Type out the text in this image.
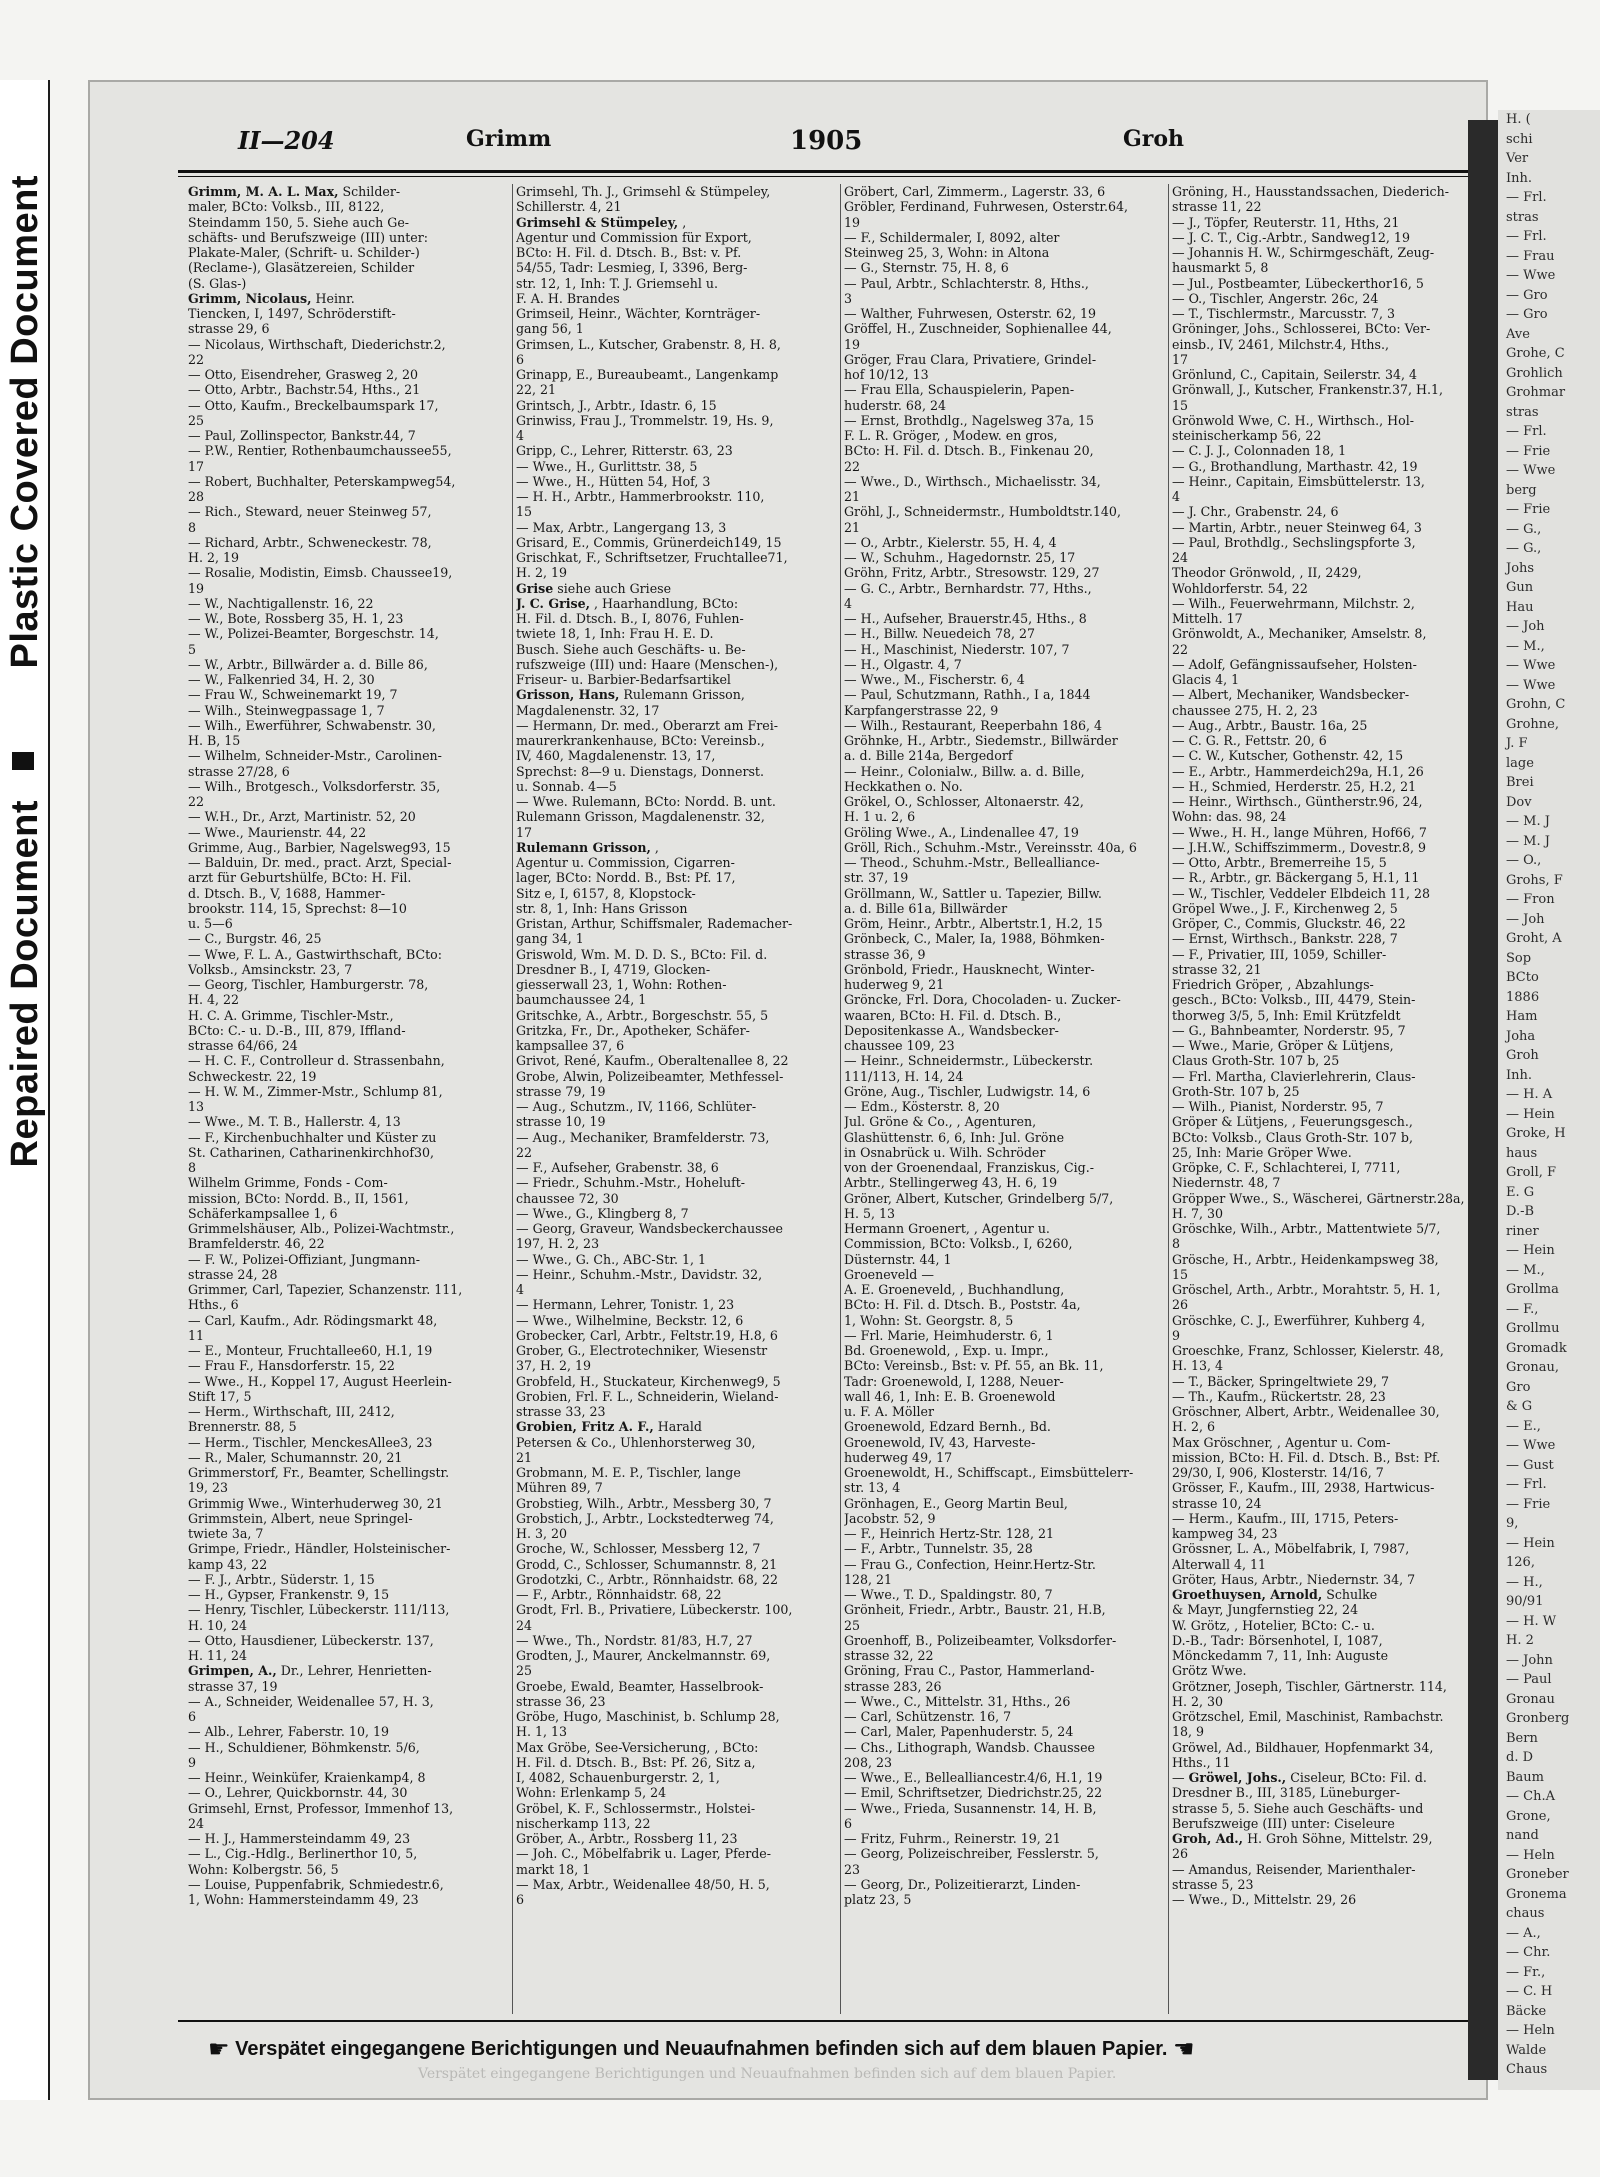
Plastic Covered Document
Repaired Document
II—204	Grimm	1905	Groh
Grimm, M. A. L. Max, Schilder-
maler, BCto: Volksb., III, 8122,
Steindamm 150, 5. Siehe auch Ge-
schäfts- und Berufszweige (III) unter:
Plakate-Maler, (Schrift- u. Schilder-)
(Reclame-), Glasätzereien, Schilder
(S. Glas-)
Grimm, Nicolaus, Heinr.
Tiencken, I, 1497, Schröderstift-
strasse 29, 6
— Nicolaus, Wirthschaft, Diederichstr.2,
22
— Otto, Eisendreher, Grasweg 2, 20
— Otto, Arbtr., Bachstr.54, Hths., 21
— Otto, Kaufm., Breckelbaumspark 17,
25
— Paul, Zollinspector, Bankstr.44, 7
— P.W., Rentier, Rothenbaumchaussee55,
17
— Robert, Buchhalter, Peterskampweg54,
28
— Rich., Steward, neuer Steinweg 57,
8
— Richard, Arbtr., Schweneckestr. 78,
H. 2, 19
— Rosalie, Modistin, Eimsb. Chaussee19,
19
— W., Nachtigallenstr. 16, 22
— W., Bote, Rossberg 35, H. 1, 23
— W., Polizei-Beamter, Borgeschstr. 14,
5
— W., Arbtr., Billwärder a. d. Bille 86,
— W., Falkenried 34, H. 2, 30
— Frau W., Schweinemarkt 19, 7
— Wilh., Steinwegpassage 1, 7
— Wilh., Ewerführer, Schwabenstr. 30,
H. B, 15
— Wilhelm, Schneider-Mstr., Carolinen-
strasse 27/28, 6
— Wilh., Brotgesch., Volksdorferstr. 35,
22
— W.H., Dr., Arzt, Martinistr. 52, 20
— Wwe., Maurienstr. 44, 22
Grimme, Aug., Barbier, Nagelsweg93, 15
— Balduin, Dr. med., pract. Arzt, Special-
arzt für Geburtshülfe, BCto: H. Fil.
d. Dtsch. B., V, 1688, Hammer-
brookstr. 114, 15, Sprechst: 8—10
u. 5—6
— C., Burgstr. 46, 25
— Wwe, F. L. A., Gastwirthschaft, BCto:
Volksb., Amsinckstr. 23, 7
— Georg, Tischler, Hamburgerstr. 78,
H. 4, 22
H. C. A. Grimme, Tischler-Mstr.,
BCto: C.- u. D.-B., III, 879, Iffland-
strasse 64/66, 24
— H. C. F., Controlleur d. Strassenbahn,
Schweckestr. 22, 19
— H. W. M., Zimmer-Mstr., Schlump 81,
13
— Wwe., M. T. B., Hallerstr. 4, 13
— F., Kirchenbuchhalter und Küster zu
St. Catharinen, Catharinenkirchhof30,
8
Wilhelm Grimme, Fonds - Com-
mission, BCto: Nordd. B., II, 1561,
Schäferkampsallee 1, 6
Grimmelshäuser, Alb., Polizei-Wachtmstr.,
Bramfelderstr. 46, 22
— F. W., Polizei-Offiziant, Jungmann-
strasse 24, 28
Grimmer, Carl, Tapezier, Schanzenstr. 111,
Hths., 6
— Carl, Kaufm., Adr. Rödingsmarkt 48,
11
— E., Monteur, Fruchtallee60, H.1, 19
— Frau F., Hansdorferstr. 15, 22
— Wwe., H., Koppel 17, August Heerlein-
Stift 17, 5
— Herm., Wirthschaft, III, 2412,
Brennerstr. 88, 5
— Herm., Tischler, MenckesAllee3, 23
— R., Maler, Schumannstr. 20, 21
Grimmerstorf, Fr., Beamter, Schellingstr.
19, 23
Grimmig Wwe., Winterhuderweg 30, 21
Grimmstein, Albert, neue Springel-
twiete 3a, 7
Grimpe, Friedr., Händler, Holsteinischer-
kamp 43, 22
— F. J., Arbtr., Süderstr. 1, 15
— H., Gypser, Frankenstr. 9, 15
— Henry, Tischler, Lübeckerstr. 111/113,
H. 10, 24
— Otto, Hausdiener, Lübeckerstr. 137,
H. 11, 24
Grimpen, A., Dr., Lehrer, Henrietten-
strasse 37, 19
— A., Schneider, Weidenallee 57, H. 3,
6
— Alb., Lehrer, Faberstr. 10, 19
— H., Schuldiener, Böhmkenstr. 5/6,
9
— Heinr., Weinküfer, Kraienkamp4, 8
— O., Lehrer, Quickbornstr. 44, 30
Grimsehl, Ernst, Professor, Immenhof 13,
24
— H. J., Hammersteindamm 49, 23
— L., Cig.-Hdlg., Berlinerthor 10, 5,
Wohn: Kolbergstr. 56, 5
— Louise, Puppenfabrik, Schmiedestr.6,
1, Wohn: Hammersteindamm 49, 23
Grimsehl, Th. J., Grimsehl & Stümpeley,
Schillerstr. 4, 21
Grimsehl & Stümpeley, ,
Agentur und Commission für Export,
BCto: H. Fil. d. Dtsch. B., Bst: v. Pf.
54/55, Tadr: Lesmieg, I, 3396, Berg-
str. 12, 1, Inh: T. J. Griemsehl u.
F. A. H. Brandes
Grimseil, Heinr., Wächter, Kornträger-
gang 56, 1
Grimsen, L., Kutscher, Grabenstr. 8, H. 8,
6
Grinapp, E., Bureaubeamt., Langenkamp
22, 21
Grintsch, J., Arbtr., Idastr. 6, 15
Grinwiss, Frau J., Trommelstr. 19, Hs. 9,
4
Gripp, C., Lehrer, Ritterstr. 63, 23
— Wwe., H., Gurlittstr. 38, 5
— Wwe., H., Hütten 54, Hof, 3
— H. H., Arbtr., Hammerbrookstr. 110,
15
— Max, Arbtr., Langergang 13, 3
Grisard, E., Commis, Grünerdeich149, 15
Grischkat, F., Schriftsetzer, Fruchtallee71,
H. 2, 19
Grise siehe auch Griese
J. C. Grise, , Haarhandlung, BCto:
H. Fil. d. Dtsch. B., I, 8076, Fuhlen-
twiete 18, 1, Inh: Frau H. E. D.
Busch. Siehe auch Geschäfts- u. Be-
rufszweige (III) und: Haare (Menschen-),
Friseur- u. Barbier-Bedarfsartikel
Grisson, Hans, Rulemann Grisson,
Magdalenenstr. 32, 17
— Hermann, Dr. med., Oberarzt am Frei-
maurerkrankenhause, BCto: Vereinsb.,
IV, 460, Magdalenenstr. 13, 17,
Sprechst: 8—9 u. Dienstags, Donnerst.
u. Sonnab. 4—5
— Wwe. Rulemann, BCto: Nordd. B. unt.
Rulemann Grisson, Magdalenenstr. 32,
17
Rulemann Grisson, ,
Agentur u. Commission, Cigarren-
lager, BCto: Nordd. B., Bst: Pf. 17,
Sitz e, I, 6157, 8, Klopstock-
str. 8, 1, Inh: Hans Grisson
Gristan, Arthur, Schiffsmaler, Rademacher-
gang 34, 1
Griswold, Wm. M. D. D. S., BCto: Fil. d.
Dresdner B., I, 4719, Glocken-
giesserwall 23, 1, Wohn: Rothen-
baumchaussee 24, 1
Gritschke, A., Arbtr., Borgeschstr. 55, 5
Gritzka, Fr., Dr., Apotheker, Schäfer-
kampsallee 37, 6
Grivot, René, Kaufm., Oberaltenallee 8, 22
Grobe, Alwin, Polizeibeamter, Methfessel-
strasse 79, 19
— Aug., Schutzm., IV, 1166, Schlüter-
strasse 10, 19
— Aug., Mechaniker, Bramfelderstr. 73,
22
— F., Aufseher, Grabenstr. 38, 6
— Friedr., Schuhm.-Mstr., Hoheluft-
chaussee 72, 30
— Wwe., G., Klingberg 8, 7
— Georg, Graveur, Wandsbeckerchaussee
197, H. 2, 23
— Wwe., G. Ch., ABC-Str. 1, 1
— Heinr., Schuhm.-Mstr., Davidstr. 32,
4
— Hermann, Lehrer, Tonistr. 1, 23
— Wwe., Wilhelmine, Beckstr. 12, 6
Grobecker, Carl, Arbtr., Feltstr.19, H.8, 6
Grober, G., Electrotechniker, Wiesenstr
37, H. 2, 19
Grobfeld, H., Stuckateur, Kirchenweg9, 5
Grobien, Frl. F. L., Schneiderin, Wieland-
strasse 33, 23
Grobien, Fritz A. F., Harald
Petersen & Co., Uhlenhorsterweg 30,
21
Grobmann, M. E. P., Tischler, lange
Mühren 89, 7
Grobstieg, Wilh., Arbtr., Messberg 30, 7
Grobstich, J., Arbtr., Lockstedterweg 74,
H. 3, 20
Groche, W., Schlosser, Messberg 12, 7
Grodd, C., Schlosser, Schumannstr. 8, 21
Grodotzki, C., Arbtr., Rönnhaidstr. 68, 22
— F., Arbtr., Rönnhaidstr. 68, 22
Grodt, Frl. B., Privatiere, Lübeckerstr. 100,
24
— Wwe., Th., Nordstr. 81/83, H.7, 27
Grodten, J., Maurer, Anckelmannstr. 69,
25
Groebe, Ewald, Beamter, Hasselbrook-
strasse 36, 23
Gröbe, Hugo, Maschinist, b. Schlump 28,
H. 1, 13
Max Gröbe, See-Versicherung, , BCto:
H. Fil. d. Dtsch. B., Bst: Pf. 26, Sitz a,
I, 4082, Schauenburgerstr. 2, 1,
Wohn: Erlenkamp 5, 24
Gröbel, K. F., Schlossermstr., Holstei-
nischerkamp 113, 22
Gröber, A., Arbtr., Rossberg 11, 23
— Joh. C., Möbelfabrik u. Lager, Pferde-
markt 18, 1
— Max, Arbtr., Weidenallee 48/50, H. 5,
6
Gröbert, Carl, Zimmerm., Lagerstr. 33, 6
Gröbler, Ferdinand, Fuhrwesen, Osterstr.64,
19
— F., Schildermaler, I, 8092, alter
Steinweg 25, 3, Wohn: in Altona
— G., Sternstr. 75, H. 8, 6
— Paul, Arbtr., Schlachterstr. 8, Hths.,
3
— Walther, Fuhrwesen, Osterstr. 62, 19
Gröffel, H., Zuschneider, Sophienallee 44,
19
Gröger, Frau Clara, Privatiere, Grindel-
hof 10/12, 13
— Frau Ella, Schauspielerin, Papen-
huderstr. 68, 24
— Ernst, Brothdlg., Nagelsweg 37a, 15
F. L. R. Gröger, , Modew. en gros,
BCto: H. Fil. d. Dtsch. B., Finkenau 20,
22
— Wwe., D., Wirthsch., Michaelisstr. 34,
21
Gröhl, J., Schneidermstr., Humboldtstr.140,
21
— O., Arbtr., Kielerstr. 55, H. 4, 4
— W., Schuhm., Hagedornstr. 25, 17
Gröhn, Fritz, Arbtr., Stresowstr. 129, 27
— G. C., Arbtr., Bernhardstr. 77, Hths.,
4
— H., Aufseher, Brauerstr.45, Hths., 8
— H., Billw. Neuedeich 78, 27
— H., Maschinist, Niederstr. 107, 7
— H., Olgastr. 4, 7
— Wwe., M., Fischerstr. 6, 4
— Paul, Schutzmann, Rathh., I a, 1844
Karpfangerstrasse 22, 9
— Wilh., Restaurant, Reeperbahn 186, 4
Gröhnke, H., Arbtr., Siedemstr., Billwärder
a. d. Bille 214a, Bergedorf
— Heinr., Colonialw., Billw. a. d. Bille,
Heckkathen o. No.
Grökel, O., Schlosser, Altonaerstr. 42,
H. 1 u. 2, 6
Gröling Wwe., A., Lindenallee 47, 19
Gröll, Rich., Schuhm.-Mstr., Vereinsstr. 40a, 6
— Theod., Schuhm.-Mstr., Bellealliance-
str. 37, 19
Gröllmann, W., Sattler u. Tapezier, Billw.
a. d. Bille 61a, Billwärder
Gröm, Heinr., Arbtr., Albertstr.1, H.2, 15
Grönbeck, C., Maler, Ia, 1988, Böhmken-
strasse 36, 9
Grönbold, Friedr., Hausknecht, Winter-
huderweg 9, 21
Grönckе, Frl. Dora, Chocoladen- u. Zucker-
waaren, BCto: H. Fil. d. Dtsch. B.,
Depositenkasse A., Wandsbecker-
chaussee 109, 23
— Heinr., Schneidermstr., Lübeckerstr.
111/113, H. 14, 24
Gröne, Aug., Tischler, Ludwigstr. 14, 6
— Edm., Kösterstr. 8, 20
Jul. Gröne & Co., , Agenturen,
Glashüttenstr. 6, 6, Inh: Jul. Gröne
in Osnabrück u. Wilh. Schröder
von der Groenendaal, Franziskus, Cig.-
Arbtr., Stellingerweg 43, H. 6, 19
Gröner, Albert, Kutscher, Grindelberg 5/7,
H. 5, 13
Hermann Groenert, , Agentur u.
Commission, BCto: Volksb., I, 6260,
Düsternstr. 44, 1
Groeneveld —
A. E. Groeneveld, , Buchhandlung,
BCto: H. Fil. d. Dtsch. B., Poststr. 4a,
1, Wohn: St. Georgstr. 8, 5
— Frl. Marie, Heimhuderstr. 6, 1
Bd. Groenewold, , Exp. u. Impr.,
BCto: Vereinsb., Bst: v. Pf. 55, an Bk. 11,
Tadr: Groenewold, I, 1288, Neuer-
wall 46, 1, Inh: E. B. Groenewold
u. F. A. Möller
Groenewold, Edzard Bernh., Bd.
Groenewold, IV, 43, Harveste-
huderweg 49, 17
Groenewoldt, H., Schiffscapt., Eimsbüttelerr-
str. 13, 4
Grönhagen, E., Georg Martin Beul,
Jacobstr. 52, 9
— F., Heinrich Hertz-Str. 128, 21
— F., Arbtr., Tunnelstr. 35, 28
— Frau G., Confection, Heinr.Hertz-Str.
128, 21
— Wwe., T. D., Spaldingstr. 80, 7
Grönheit, Friedr., Arbtr., Baustr. 21, H.B,
25
Groenhoff, B., Polizeibeamter, Volksdorfer-
strasse 32, 22
Gröning, Frau C., Pastor, Hammerland-
strasse 283, 26
— Wwe., C., Mittelstr. 31, Hths., 26
— Carl, Schützenstr. 16, 7
— Carl, Maler, Papenhuderstr. 5, 24
— Chs., Lithograph, Wandsb. Chaussee
208, 23
— Wwe., E., Bellealliancestr.4/6, H.1, 19
— Emil, Schriftsetzer, Diedrichstr.25, 22
— Wwe., Frieda, Susannenstr. 14, H. B,
6
— Fritz, Fuhrm., Reinerstr. 19, 21
— Georg, Polizeischreiber, Fesslerstr. 5,
23
— Georg, Dr., Polizeitierarzt, Linden-
platz 23, 5
Gröning, H., Hausstandssachen, Diederich-
strasse 11, 22
— J., Töpfer, Reuterstr. 11, Hths, 21
— J. C. T., Cig.-Arbtr., Sandweg12, 19
— Johannis H. W., Schirmgeschäft, Zeug-
hausmarkt 5, 8
— Jul., Postbeamter, Lübeckerthor16, 5
— O., Tischler, Angerstr. 26c, 24
— T., Tischlermstr., Marcusstr. 7, 3
Gröninger, Johs., Schlosserei, BCto: Ver-
einsb., IV, 2461, Milchstr.4, Hths.,
17
Grönlund, C., Capitain, Seilerstr. 34, 4
Grönwall, J., Kutscher, Frankenstr.37, H.1,
15
Grönwold Wwe, C. H., Wirthsch., Hol-
steinischerkamp 56, 22
— C. J. J., Colonnaden 18, 1
— G., Brothandlung, Marthastr. 42, 19
— Heinr., Capitain, Eimsbüttelerstr. 13,
4
— J. Chr., Grabenstr. 24, 6
— Martin, Arbtr., neuer Steinweg 64, 3
— Paul, Brothdlg., Sechslingspforte 3,
24
Theodor Grönwold, , II, 2429,
Wohldorferstr. 54, 22
— Wilh., Feuerwehrmann, Milchstr. 2,
Mittelh. 17
Grönwoldt, A., Mechaniker, Amselstr. 8,
22
— Adolf, Gefängnissaufseher, Holsten-
Glacis 4, 1
— Albert, Mechaniker, Wandsbecker-
chaussee 275, H. 2, 23
— Aug., Arbtr., Baustr. 16a, 25
— C. G. R., Fettstr. 20, 6
— C. W., Kutscher, Gothenstr. 42, 15
— E., Arbtr., Hammerdeich29a, H.1, 26
— H., Schmied, Herderstr. 25, H.2, 21
— Heinr., Wirthsch., Güntherstr.96, 24,
Wohn: das. 98, 24
— Wwe., H. H., lange Mühren, Hof66, 7
— J.H.W., Schiffszimmerm., Dovestr.8, 9
— Otto, Arbtr., Bremerreihe 15, 5
— R., Arbtr., gr. Bäckergang 5, H.1, 11
— W., Tischler, Veddeler Elbdeich 11, 28
Gröpel Wwe., J. F., Kirchenweg 2, 5
Gröper, C., Commis, Gluckstr. 46, 22
— Ernst, Wirthsch., Bankstr. 228, 7
— F., Privatier, III, 1059, Schiller-
strasse 32, 21
Friedrich Gröper, , Abzahlungs-
gesch., BCto: Volksb., III, 4479, Stein-
thorweg 3/5, 5, Inh: Emil Krützfeldt
— G., Bahnbeamter, Norderstr. 95, 7
— Wwe., Marie, Gröper & Lütjens,
Claus Groth-Str. 107 b, 25
— Frl. Martha, Clavierlehrerin, Claus-
Groth-Str. 107 b, 25
— Wilh., Pianist, Norderstr. 95, 7
Gröper & Lütjens, , Feuerungsgesch.,
BCto: Volksb., Claus Groth-Str. 107 b,
25, Inh: Marie Gröper Wwe.
Gröpke, C. F., Schlachterei, I, 7711,
Niedernstr. 48, 7
Gröpper Wwe., S., Wäscherei, Gärtnerstr.28a,
H. 7, 30
Gröschke, Wilh., Arbtr., Mattentwiete 5/7,
8
Grösche, H., Arbtr., Heidenkampsweg 38,
15
Gröschel, Arth., Arbtr., Morahtstr. 5, H. 1,
26
Gröschke, C. J., Ewerführer, Kuhberg 4,
9
Groeschke, Franz, Schlosser, Kielerstr. 48,
H. 13, 4
— T., Bäcker, Springeltwiete 29, 7
— Th., Kaufm., Rückertstr. 28, 23
Gröschner, Albert, Arbtr., Weidenallee 30,
H. 2, 6
Max Gröschner, , Agentur u. Com-
mission, BCto: H. Fil. d. Dtsch. B., Bst: Pf.
29/30, I, 906, Klosterstr. 14/16, 7
Grösser, F., Kaufm., III, 2938, Hartwicus-
strasse 10, 24
— Herm., Kaufm., III, 1715, Peters-
kampweg 34, 23
Grössner, L. A., Möbelfabrik, I, 7987,
Alterwall 4, 11
Gröter, Haus, Arbtr., Niedernstr. 34, 7
Groethuysen, Arnold, Schulke
& Mayr, Jungfernstieg 22, 24
W. Grötz, , Hotelier, BCto: C.- u.
D.-B., Tadr: Börsenhotel, I, 1087,
Mönckedamm 7, 11, Inh: Auguste
Grötz Wwe.
Grötzner, Joseph, Tischler, Gärtnerstr. 114,
H. 2, 30
Grötzschel, Emil, Maschinist, Rambachstr.
18, 9
Gröwel, Ad., Bildhauer, Hopfenmarkt 34,
Hths., 11
— Gröwel, Johs., Ciseleur, BCto: Fil. d.
Dresdner B., III, 3185, Lüneburger-
strasse 5, 5. Siehe auch Geschäfts- und
Berufszweige (III) unter: Ciseleure
Groh, Ad., H. Groh Söhne, Mittelstr. 29,
26
— Amandus, Reisender, Marienthaler-
strasse 5, 23
— Wwe., D., Mittelstr. 29, 26
☛ Verspätet eingegangene Berichtigungen und Neuaufnahmen befinden sich auf dem blauen Papier. ☚
Verspätet eingegangene Berichtigungen und Neuaufnahmen befinden sich auf dem blauen Papier.
H. (
schi
Ver
Inh.
— Frl.
stras
— Frl.
— Frau
— Wwe
— Gro
— Gro
Ave
Grohe, C
Grohlich
Grohmar
stras
— Frl.
— Frie
— Wwe
berg
— Frie
— G.,
— G.,
Johs
Gun
Hau
— Joh
— M.,
— Wwe
— Wwe
Grohn, C
Grohne,
J. F
lage
Brei
Dov
— M. J
— M. J
— O.,
Grohs, F
— Fron
— Joh
Groht, A
Sop
BCto
1886
Ham
Joha
Groh
Inh.
— H. A
— Hein
Groke, H
haus
Groll, F
E. G
D.-B
riner
— Hein
— M.,
Grollma
— F.,
Grollmu
Gromadk
Gronau,
Gro
& G
— E.,
— Wwe
— Gust
— Frl.
— Frie
9,
— Hein
126,
— H.,
90/91
— H. W
H. 2
— John
— Paul
Gronau
Gronberg
Bern
d. D
Baum
— Ch.A
Grone,
nand
— Heln
Groneber
Gronema
chaus
— A.,
— Chr.
— Fr.,
— C. H
Bäcke
— Heln
Walde
Chaus
